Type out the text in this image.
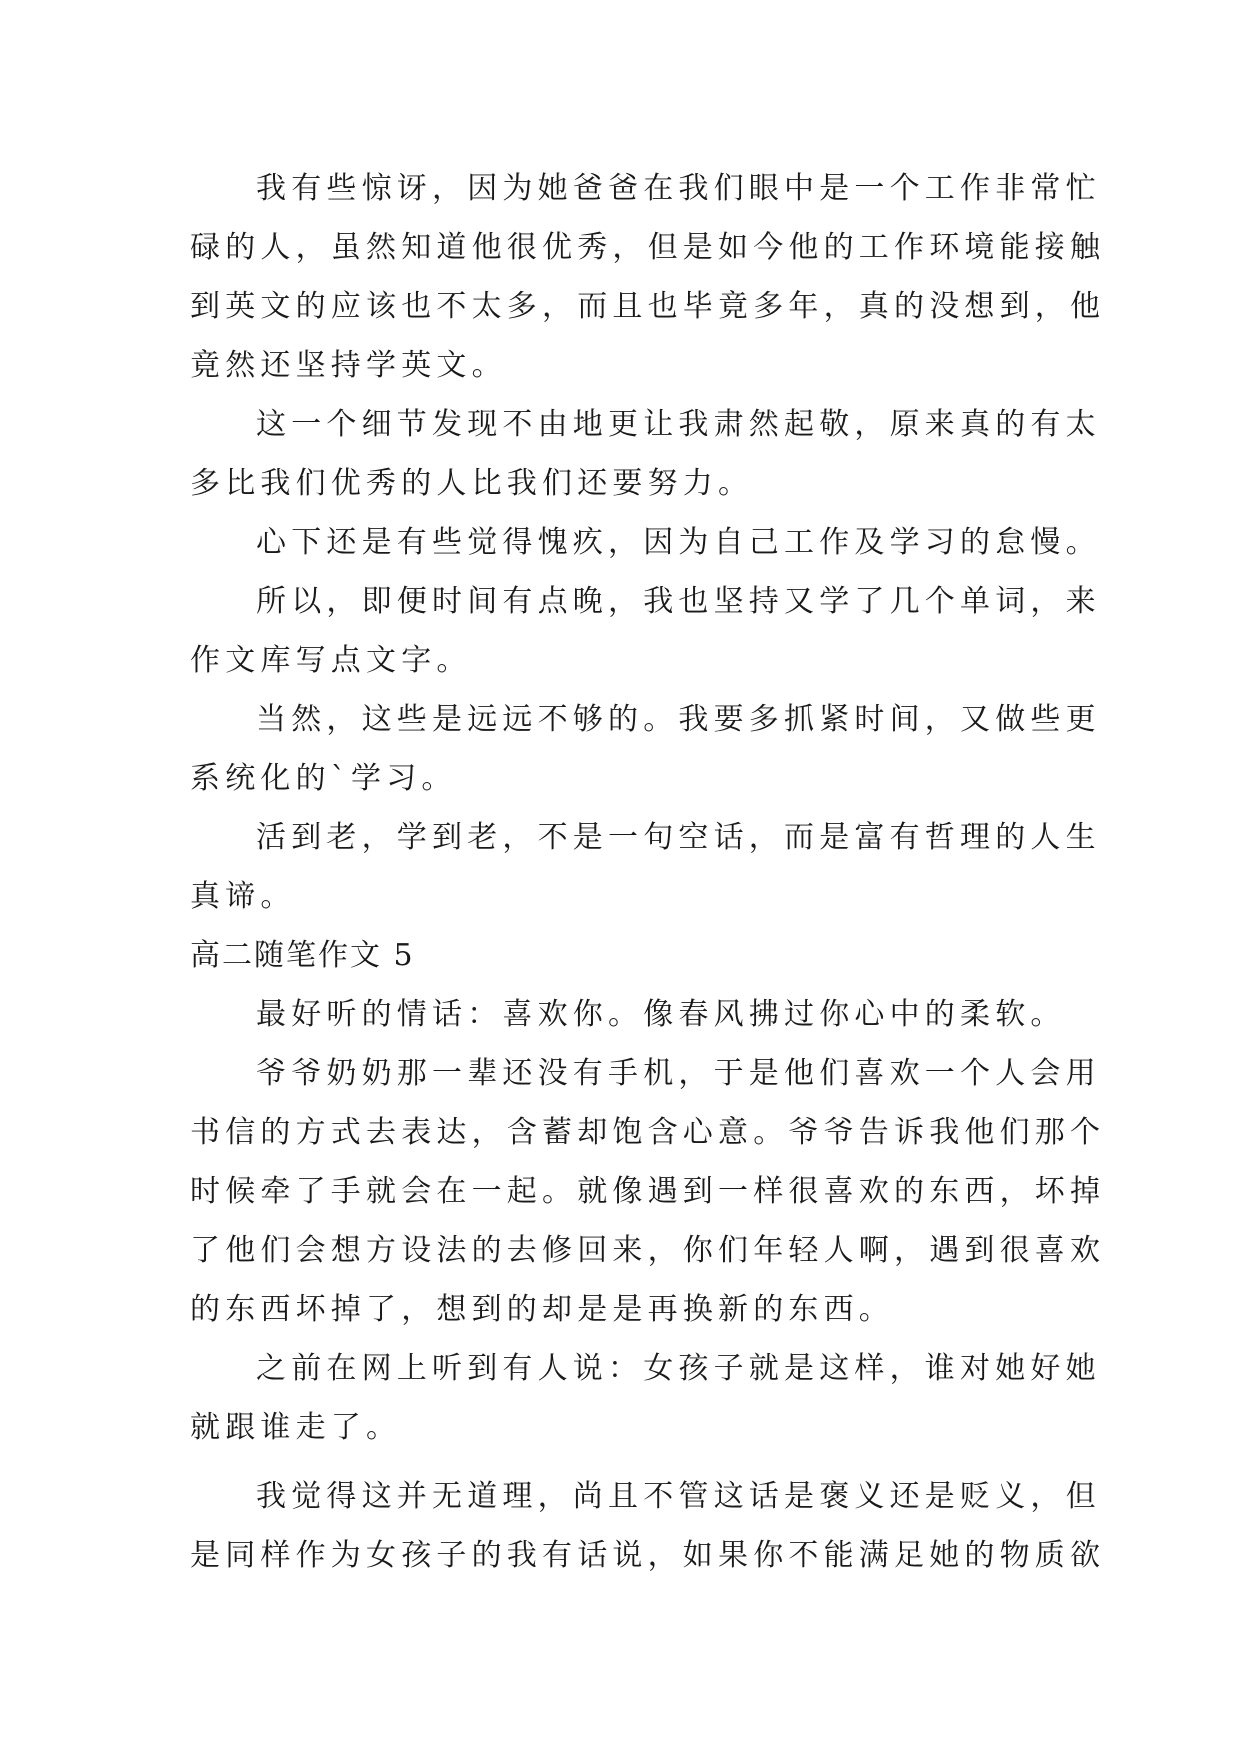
我有些惊讶，因为她爸爸在我们眼中是一个工作非常忙
碌的人，虽然知道他很优秀，但是如今他的工作环境能接触
到英文的应该也不太多，而且也毕竟多年，真的没想到，他
竟然还坚持学英文。
这一个细节发现不由地更让我肃然起敬，原来真的有太
多比我们优秀的人比我们还要努力。
心下还是有些觉得愧疚，因为自己工作及学习的怠慢。
所以，即便时间有点晚，我也坚持又学了几个单词，来
作文库写点文字。
当然，这些是远远不够的。我要多抓紧时间，又做些更
系统化的`学习。
活到老，学到老，不是一句空话，而是富有哲理的人生
真谛。
高二随笔作文 5
最好听的情话：喜欢你。像春风拂过你心中的柔软。
爷爷奶奶那一辈还没有手机，于是他们喜欢一个人会用
书信的方式去表达，含蓄却饱含心意。爷爷告诉我他们那个
时候牵了手就会在一起。就像遇到一样很喜欢的东西，坏掉
了他们会想方设法的去修回来，你们年轻人啊，遇到很喜欢
的东西坏掉了，想到的却是是再换新的东西。
之前在网上听到有人说：女孩子就是这样，谁对她好她
就跟谁走了。
我觉得这并无道理，尚且不管这话是褒义还是贬义，但
是同样作为女孩子的我有话说，如果你不能满足她的物质欲
